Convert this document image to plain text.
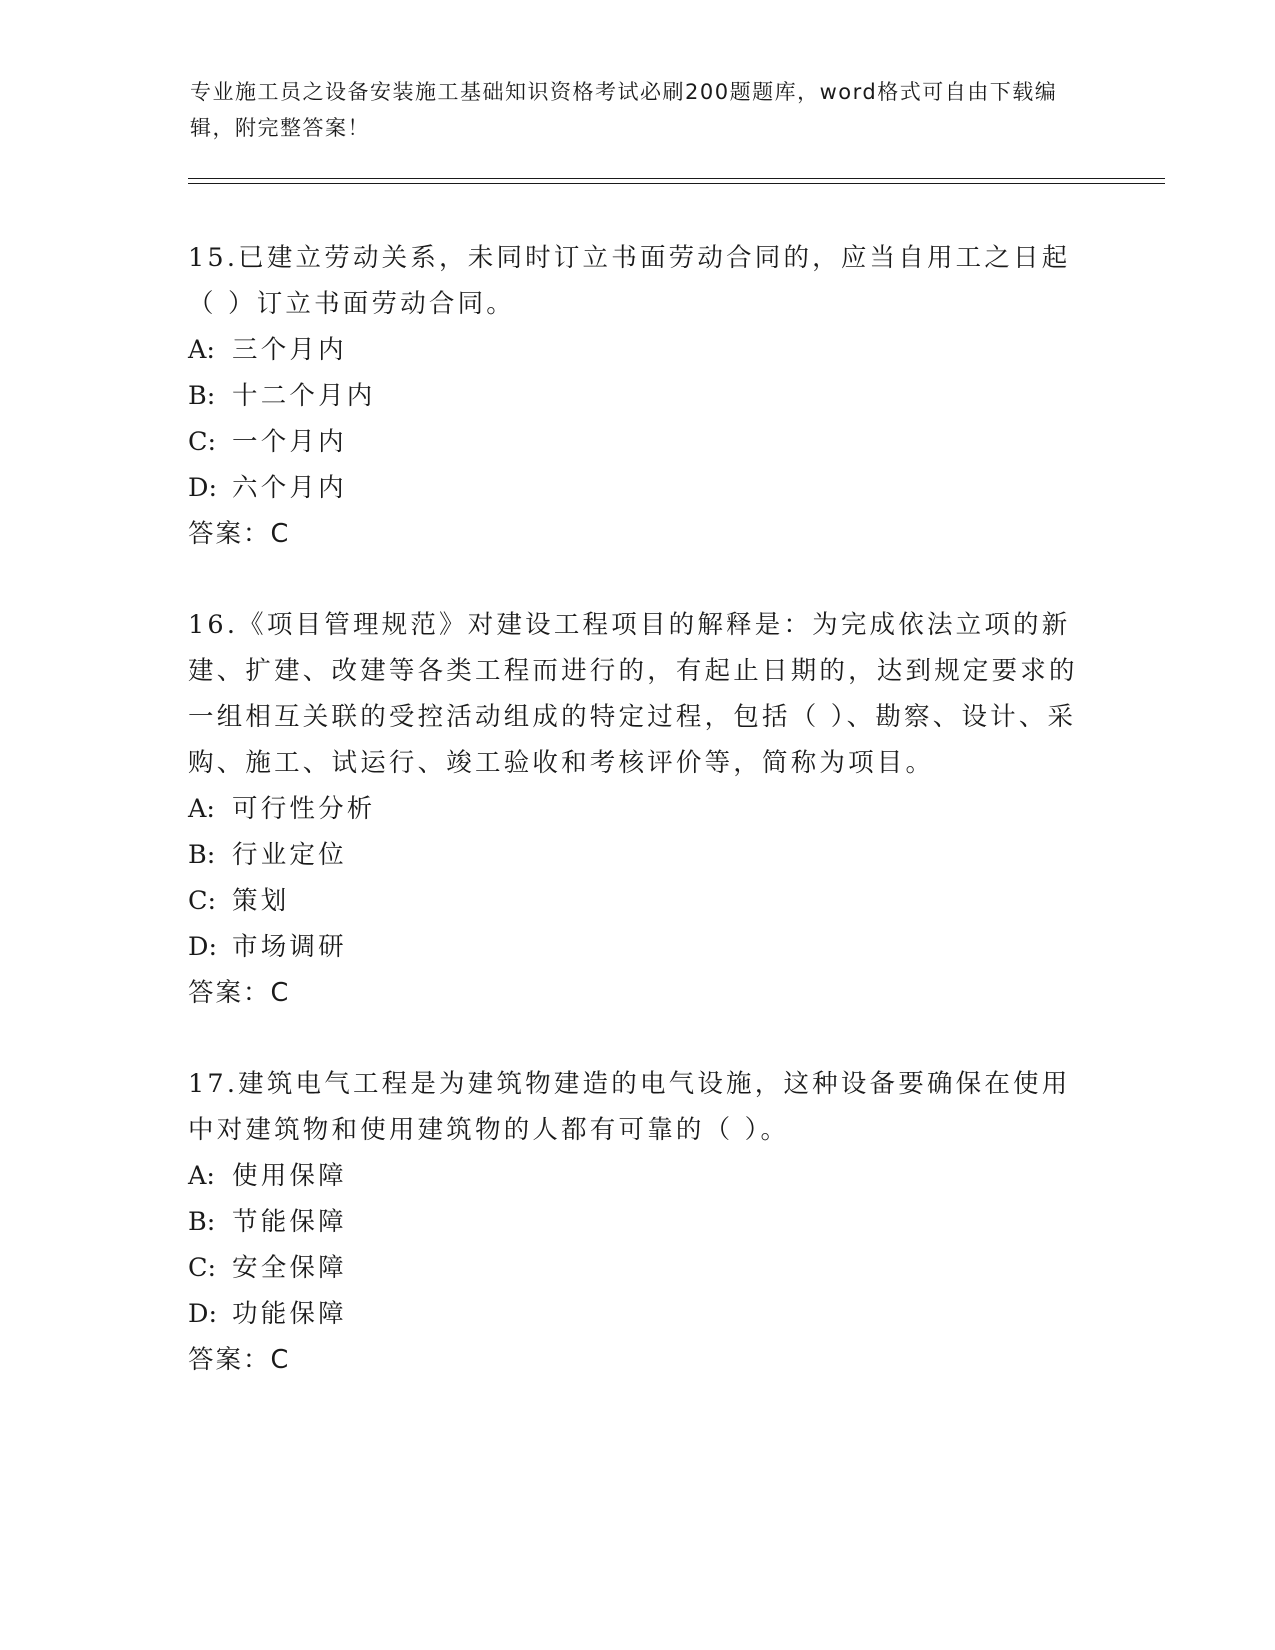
专业施工员之设备安装施工基础知识资格考试必刷200题题库，word格式可自由下载编辑，附完整答案！

15.已建立劳动关系，未同时订立书面劳动合同的，应当自用工之日起（ ）订立书面劳动合同。

A: 三个月内
B: 十二个月内
C: 一个月内
D: 六个月内
答案：C

16.《项目管理规范》对建设工程项目的解释是：为完成依法立项的新建、扩建、改建等各类工程而进行的，有起止日期的，达到规定要求的一组相互关联的受控活动组成的特定过程，包括（ ）、勘察、设计、采购、施工、试运行、竣工验收和考核评价等，简称为项目。

A: 可行性分析
B: 行业定位
C: 策划
D: 市场调研
答案：C

17.建筑电气工程是为建筑物建造的电气设施，这种设备要确保在使用中对建筑物和使用建筑物的人都有可靠的（ ）。

A: 使用保障
B: 节能保障
C: 安全保障
D: 功能保障
答案：C
